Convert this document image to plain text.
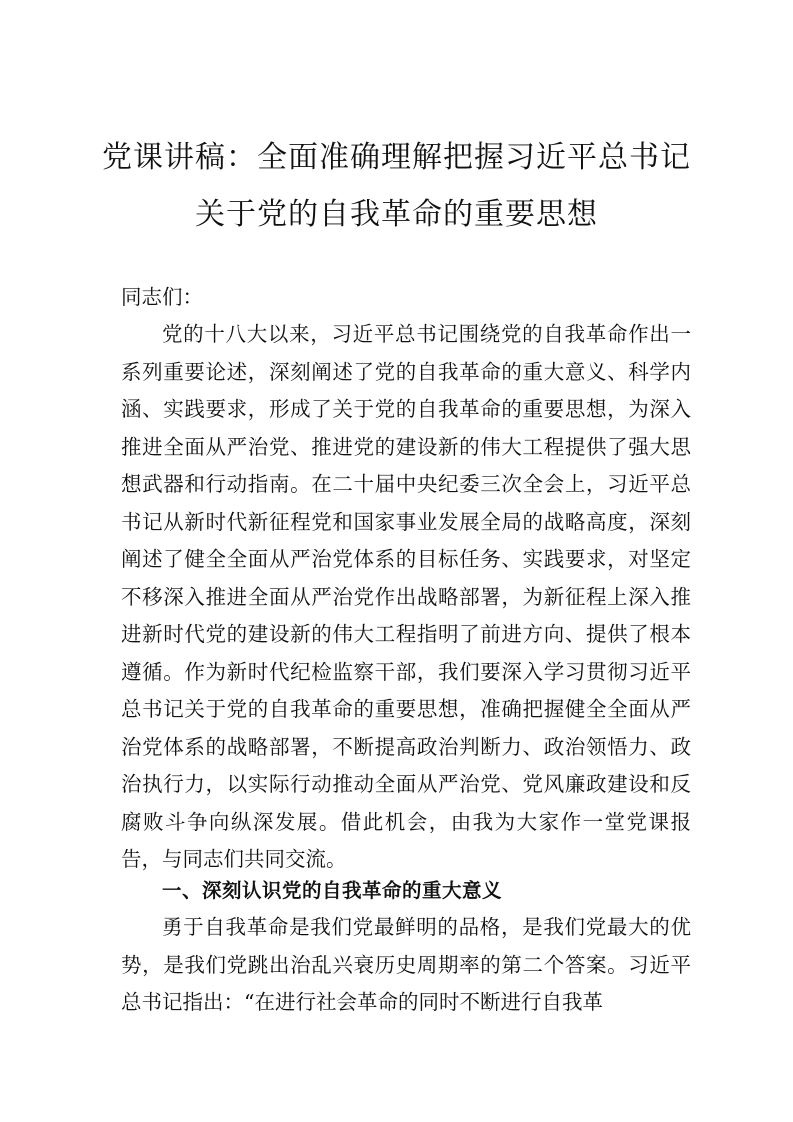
党课讲稿：全面准确理解把握习近平总书记
关于党的自我革命的重要思想
同志们：

党的十八大以来，习近平总书记围绕党的自我革命作出一系列重要论述，深刻阐述了党的自我革命的重大意义、科学内涵、实践要求，形成了关于党的自我革命的重要思想，为深入推进全面从严治党、推进党的建设新的伟大工程提供了强大思想武器和行动指南。在二十届中央纪委三次全会上，习近平总书记从新时代新征程党和国家事业发展全局的战略高度，深刻阐述了健全全面从严治党体系的目标任务、实践要求，对坚定不移深入推进全面从严治党作出战略部署，为新征程上深入推进新时代党的建设新的伟大工程指明了前进方向、提供了根本遵循。作为新时代纪检监察干部，我们要深入学习贯彻习近平总书记关于党的自我革命的重要思想，准确把握健全全面从严治党体系的战略部署，不断提高政治判断力、政治领悟力、政治执行力，以实际行动推动全面从严治党、党风廉政建设和反腐败斗争向纵深发展。借此机会，由我为大家作一堂党课报告，与同志们共同交流。

一、深刻认识党的自我革命的重大意义

勇于自我革命是我们党最鲜明的品格，是我们党最大的优势，是我们党跳出治乱兴衰历史周期率的第二个答案。习近平总书记指出：“在进行社会革命的同时不断进行自我革
